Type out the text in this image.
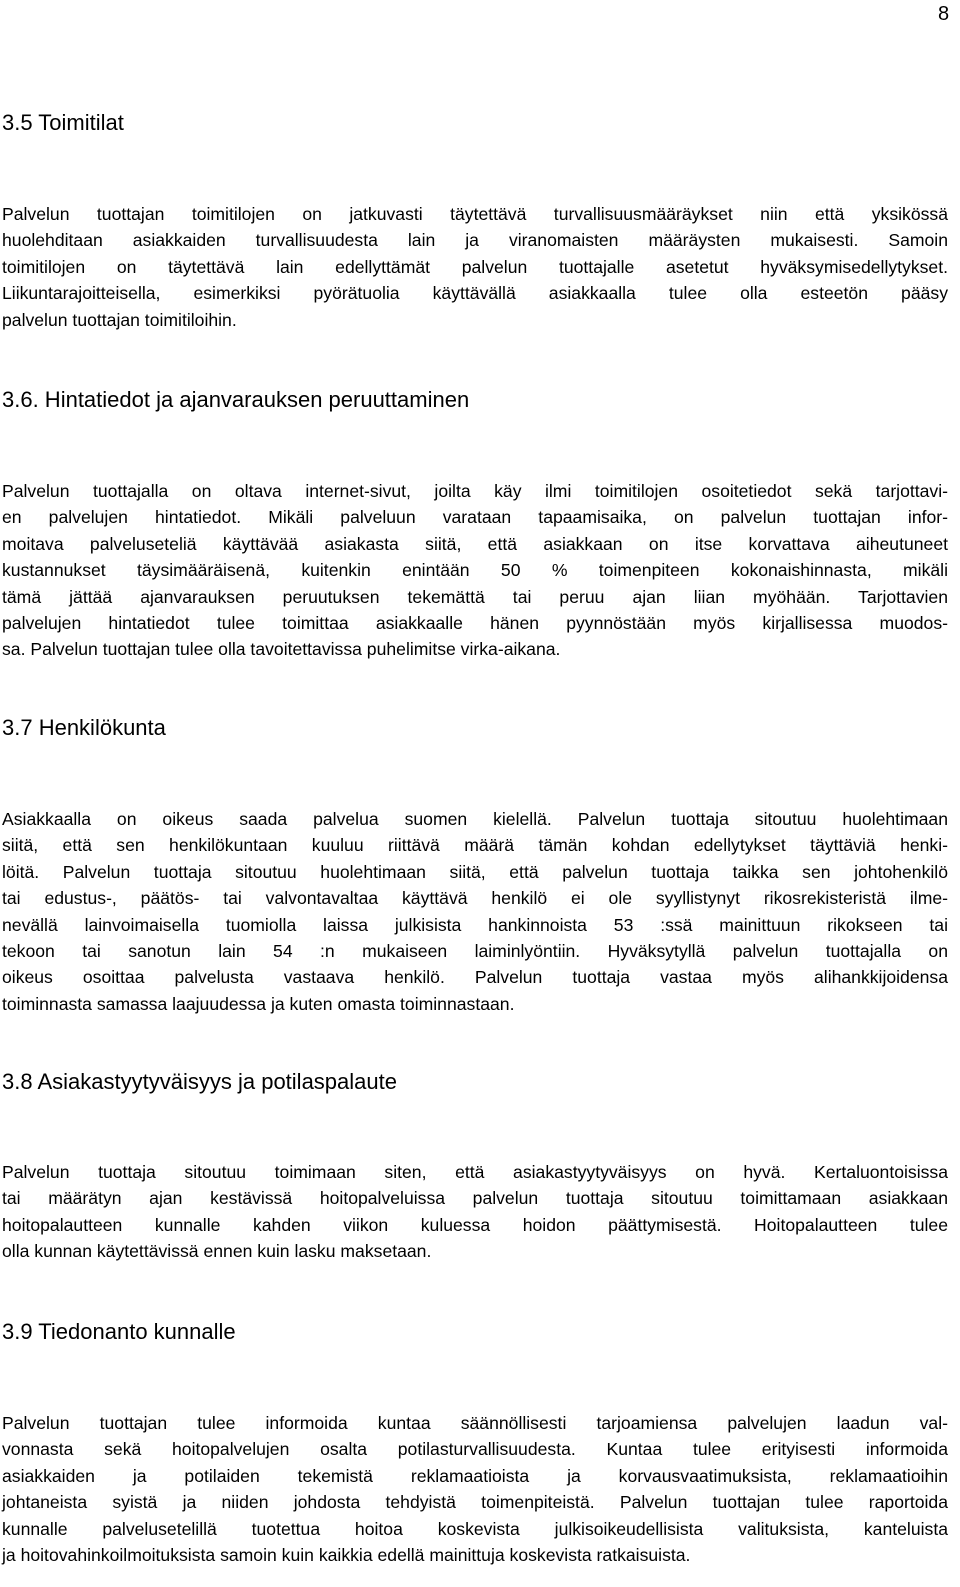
8
3.5 Toimitilat
Palvelun tuottajan toimitilojen on jatkuvasti täytettävä turvallisuusmääräykset niin että yksikössä
huolehditaan asiakkaiden turvallisuudesta lain ja viranomaisten määräysten mukaisesti. Samoin
toimitilojen on täytettävä lain edellyttämät palvelun tuottajalle asetetut hyväksymisedellytykset.
Liikuntarajoitteisella, esimerkiksi pyörätuolia käyttävällä asiakkaalla tulee olla esteetön pääsy
palvelun tuottajan toimitiloihin.
3.6. Hintatiedot ja ajanvarauksen peruuttaminen
Palvelun tuottajalla on oltava internet-sivut, joilta käy ilmi toimitilojen osoitetiedot sekä tarjottavi-
en palvelujen hintatiedot. Mikäli palveluun varataan tapaamisaika, on palvelun tuottajan infor-
moitava palveluseteliä käyttävää asiakasta siitä, että asiakkaan on itse korvattava aiheutuneet
kustannukset täysimääräisenä, kuitenkin enintään 50 % toimenpiteen kokonaishinnasta, mikäli
tämä jättää ajanvarauksen peruutuksen tekemättä tai peruu ajan liian myöhään. Tarjottavien
palvelujen hintatiedot tulee toimittaa asiakkaalle hänen pyynnöstään myös kirjallisessa muodos-
sa. Palvelun tuottajan tulee olla tavoitettavissa puhelimitse virka-aikana.
3.7 Henkilökunta
Asiakkaalla on oikeus saada palvelua suomen kielellä. Palvelun tuottaja sitoutuu huolehtimaan
siitä, että sen henkilökuntaan kuuluu riittävä määrä tämän kohdan edellytykset täyttäviä henki-
löitä. Palvelun tuottaja sitoutuu huolehtimaan siitä, että palvelun tuottaja taikka sen johtohenkilö
tai edustus-, päätös- tai valvontavaltaa käyttävä henkilö ei ole syyllistynyt rikosrekisteristä ilme-
nevällä lainvoimaisella tuomiolla laissa julkisista hankinnoista 53 :ssä mainittuun rikokseen tai
tekoon tai sanotun lain 54 :n mukaiseen laiminlyöntiin. Hyväksytyllä palvelun tuottajalla on
oikeus osoittaa palvelusta vastaava henkilö. Palvelun tuottaja vastaa myös alihankkijoidensa
toiminnasta samassa laajuudessa ja kuten omasta toiminnastaan.
3.8 Asiakastyytyväisyys ja potilaspalaute
Palvelun tuottaja sitoutuu toimimaan siten, että asiakastyytyväisyys on hyvä. Kertaluontoisissa
tai määrätyn ajan kestävissä hoitopalveluissa palvelun tuottaja sitoutuu toimittamaan asiakkaan
hoitopalautteen kunnalle kahden viikon kuluessa hoidon päättymisestä. Hoitopalautteen tulee
olla kunnan käytettävissä ennen kuin lasku maksetaan.
3.9 Tiedonanto kunnalle
Palvelun tuottajan tulee informoida kuntaa säännöllisesti tarjoamiensa palvelujen laadun val-
vonnasta sekä hoitopalvelujen osalta potilasturvallisuudesta. Kuntaa tulee erityisesti informoida
asiakkaiden ja potilaiden tekemistä reklamaatioista ja korvausvaatimuksista, reklamaatioihin
johtaneista syistä ja niiden johdosta tehdyistä toimenpiteistä. Palvelun tuottajan tulee raportoida
kunnalle palvelusetelillä tuotettua hoitoa koskevista julkisoikeudellisista valituksista, kanteluista
ja hoitovahinkoilmoituksista samoin kuin kaikkia edellä mainittuja koskevista ratkaisuista.
